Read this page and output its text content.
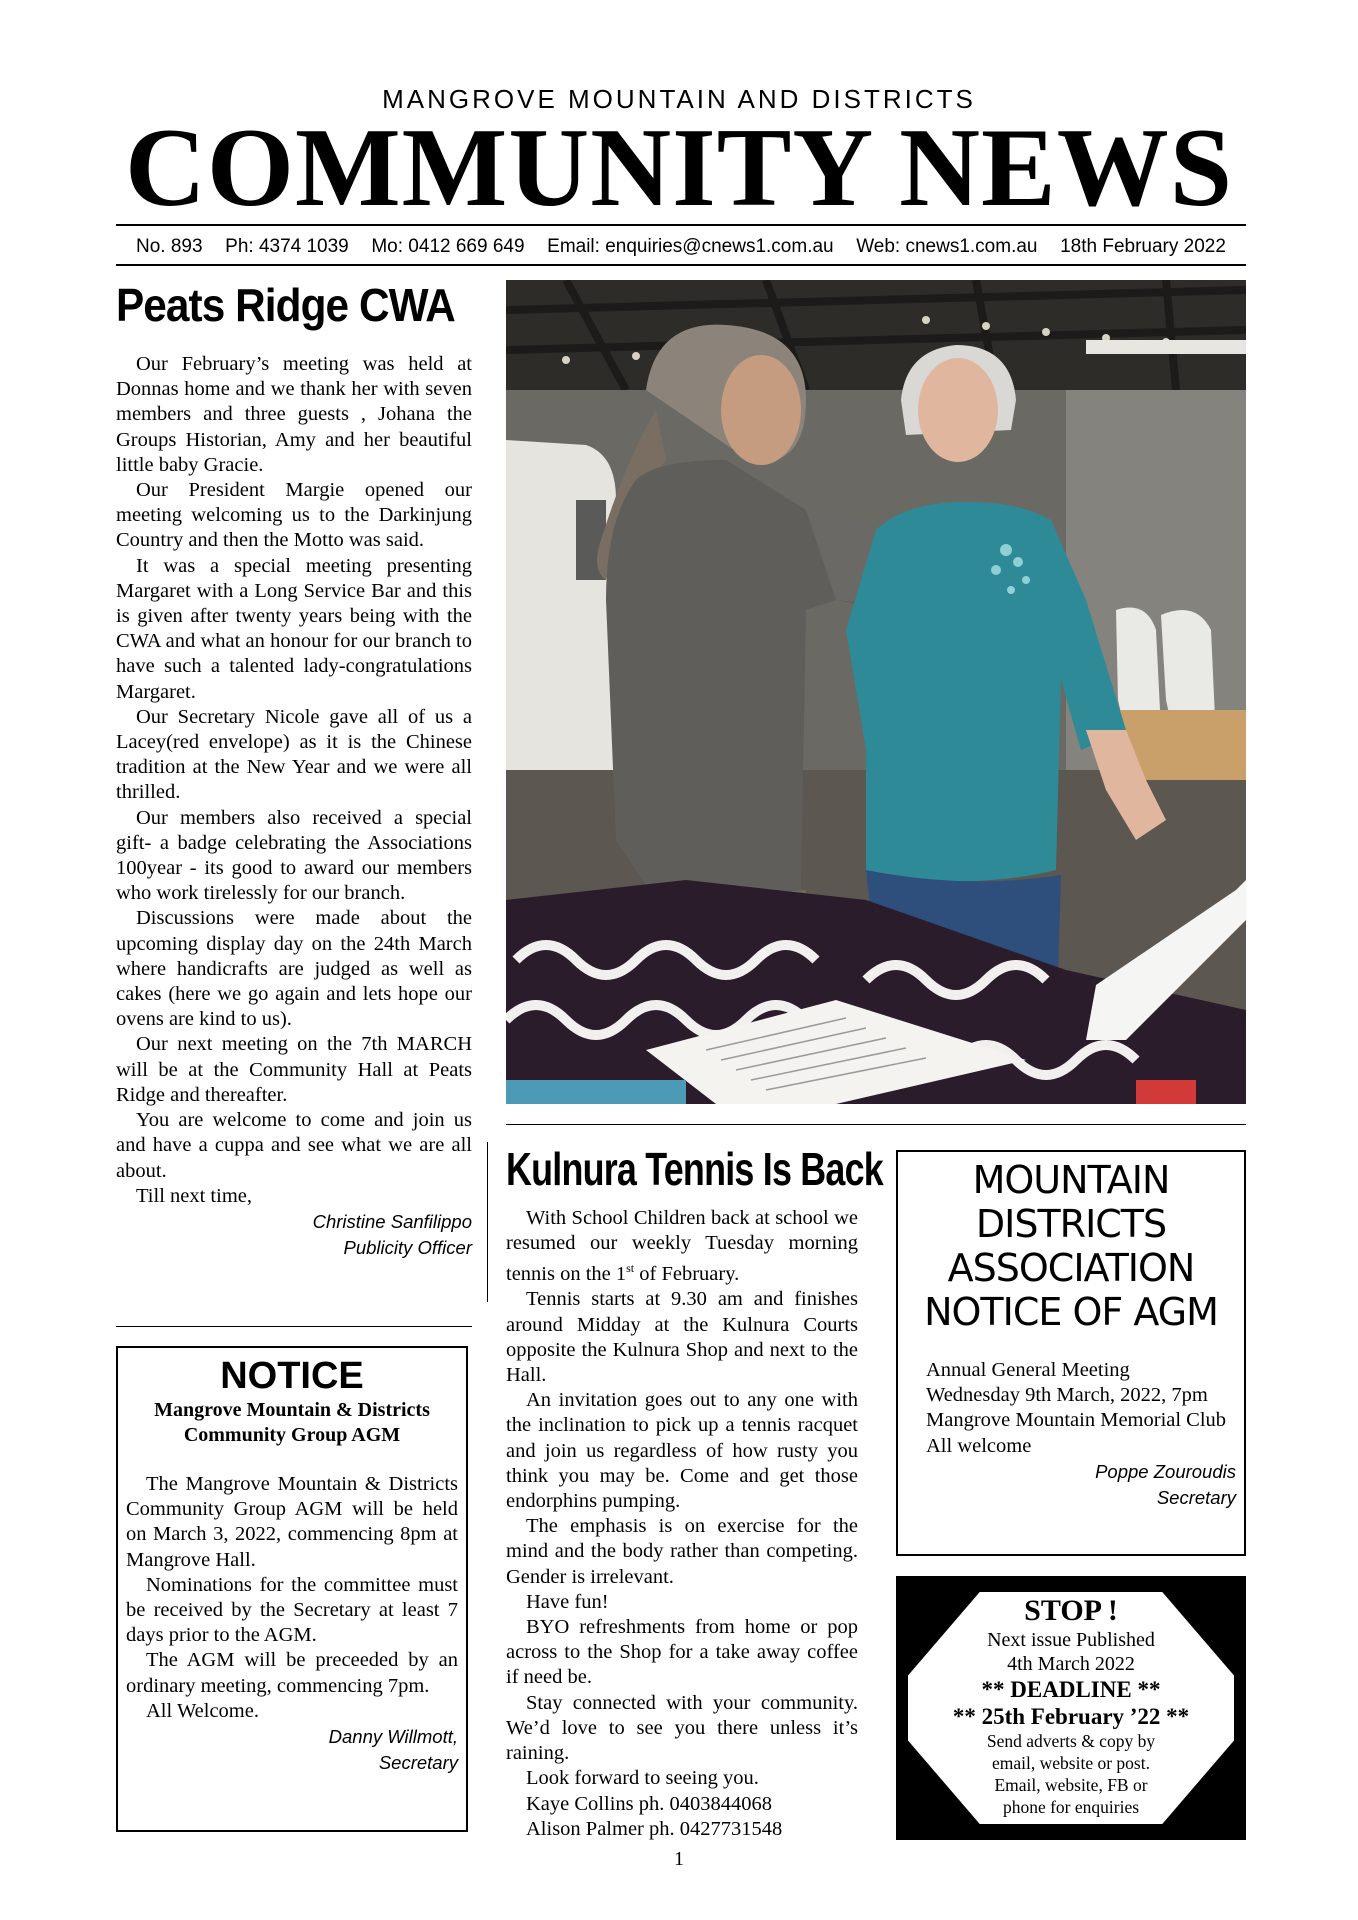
MANGROVE MOUNTAIN AND DISTRICTS
COMMUNITY NEWS
No. 893 Ph: 4374 1039 Mo: 0412 669 649 Email: enquiries@cnews1.com.au Web: cnews1.com.au 18th February 2022
Peats Ridge CWA

Our February’s meeting was held at Donnas home and we thank her with seven members and three guests , Johana the Groups Historian, Amy and her beautiful little baby Gracie.

Our President Margie opened our meeting welcoming us to the Darkinjung Country and then the Motto was said.

It was a special meeting presenting Margaret with a Long Service Bar and this is given after twenty years being with the CWA and what an honour for our branch to have such a talented lady-congratulations Margaret.

Our Secretary Nicole gave all of us a Lacey(red envelope) as it is the Chinese tradition at the New Year and we were all thrilled.

Our members also received a special gift- a badge celebrating the Associations 100year - its good to award our members who work tirelessly for our branch.

Discussions were made about the upcoming display day on the 24th March where handicrafts are judged as well as cakes (here we go again and lets hope our ovens are kind to us).

Our next meeting on the 7th MARCH will be at the Community Hall at Peats Ridge and thereafter.

You are welcome to come and join us and have a cuppa and see what we are all about.

Till next time,

Christine Sanfilippo
Publicity Officer
NOTICE
Mangrove Mountain & Districts
Community Group AGM

The Mangrove Mountain & Districts Community Group AGM will be held on March 3, 2022, commencing 8pm at Mangrove Hall.

Nominations for the committee must be received by the Secretary at least 7 days prior to the AGM.

The AGM will be preceeded by an ordinary meeting, commencing 7pm.

All Welcome.

Danny Willmott,
Secretary
Kulnura Tennis Is Back

With School Children back at school we resumed our weekly Tuesday morning tennis on the 1st of February.

Tennis starts at 9.30 am and finishes around Midday at the Kulnura Courts opposite the Kulnura Shop and next to the Hall.

An invitation goes out to any one with the inclination to pick up a tennis racquet and join us regardless of how rusty you think you may be. Come and get those endorphins pumping.

The emphasis is on exercise for the mind and the body rather than competing. Gender is irrelevant.

Have fun!

BYO refreshments from home or pop across to the Shop for a take away coffee if need be.

Stay connected with your community. We’d love to see you there unless it’s raining.

Look forward to seeing you.

Kaye Collins ph. 0403844068

Alison Palmer ph. 0427731548

MOUNTAIN
DISTRICTS
ASSOCIATION
NOTICE OF AGM

Annual General Meeting

Wednesday 9th March, 2022, 7pm

Mangrove Mountain Memorial Club

All welcome

Poppe Zouroudis
Secretary
STOP !
Next issue Published
4th March 2022
** DEADLINE **
** 25th February ’22 **
Send adverts & copy by
email, website or post.
Email, website, FB or
phone for enquiries
1
